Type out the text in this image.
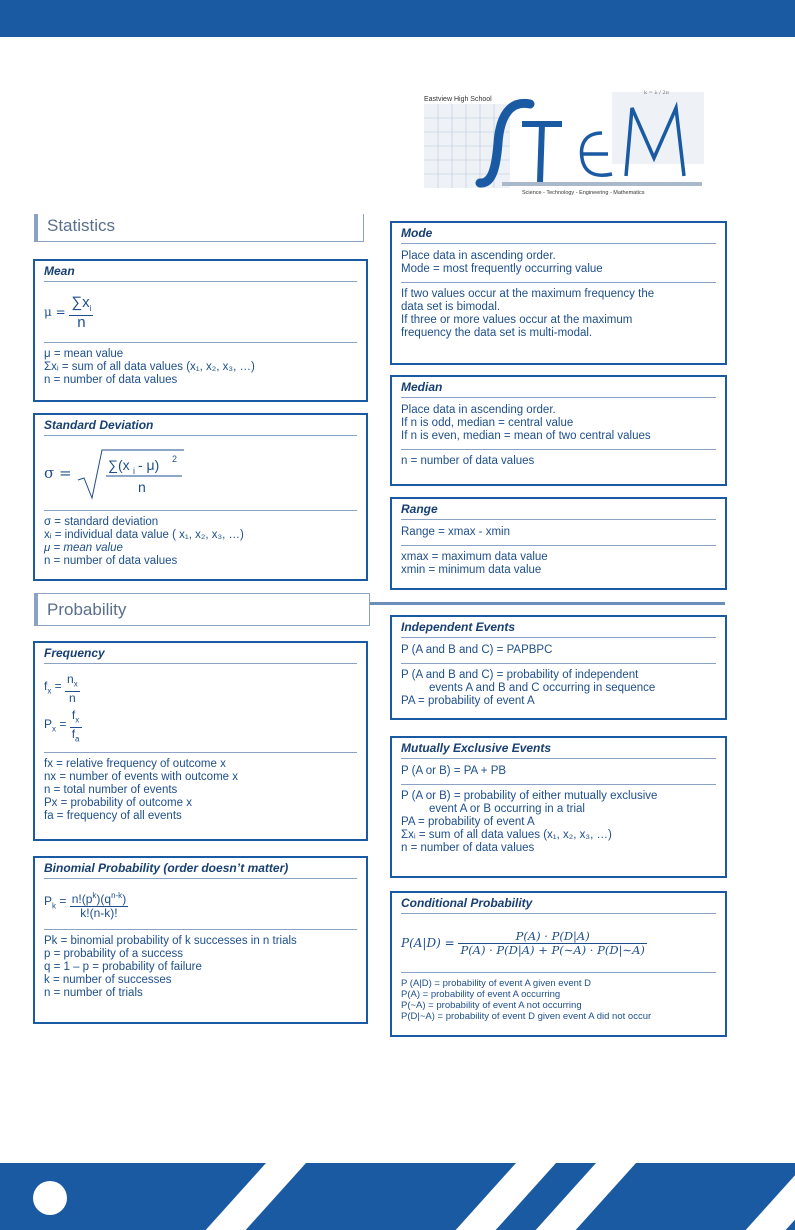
Eastview High School
Science - Technology - Engineering - Mathematics
k = λ / 2π
Statistics
Mean
$\mu = \frac{\sum x_i}{n}$

μ = mean value

Σxᵢ = sum of all data values (x₁, x₂, x₃, …)

n = number of data values

Standard Deviation
σ = ∑(x i - μ) 2
n

σ = standard deviation

xᵢ = individual data value ( x₁, x₂, x₃, …)

μ = mean value

n = number of data values

Probability
Frequency
$f_x = \frac{n_x}{n}$
$P_x = \frac{f_x}{f_a}$

fx = relative frequency of outcome x

nx = number of events with outcome x

n = total number of events

Px = probability of outcome x

fa = frequency of all events

Binomial Probability (order doesn’t matter)
$P_k = \frac{n!(p^k)(q^{n-k})}{k!(n-k)!}$

Pk = binomial probability of k successes in n trials

p = probability of a success

q = 1 – p = probability of failure

k = number of successes

n = number of trials

Mode

Place data in ascending order.

Mode = most frequently occurring value

If two values occur at the maximum frequency the

data set is bimodal.

If three or more values occur at the maximum

frequency the data set is multi-modal.

Median

Place data in ascending order.

If n is odd, median = central value

If n is even, median = mean of two central values

n = number of data values

Range

Range = xmax - xmin

xmax = maximum data value

xmin = minimum data value

Independent Events

P (A and B and C) = PAPBPC

P (A and B and C) = probability of independent

events A and B and C occurring in sequence

PA = probability of event A

Mutually Exclusive Events

P (A or B) = PA + PB

P (A or B) = probability of either mutually exclusive

event A or B occurring in a trial

PA = probability of event A

Σxᵢ = sum of all data values (x₁, x₂, x₃, …)

n = number of data values

Conditional Probability
$P(A|D) = \frac{P(A) \cdot P(D|A)}{P(A) \cdot P(D|A) + P(\sim A) \cdot P(D|\sim A)}$

P (A|D) = probability of event A given event D

P(A) = probability of event A occurring

P(~A) = probability of event A not occurring

P(D|~A) = probability of event D given event A did not occur
